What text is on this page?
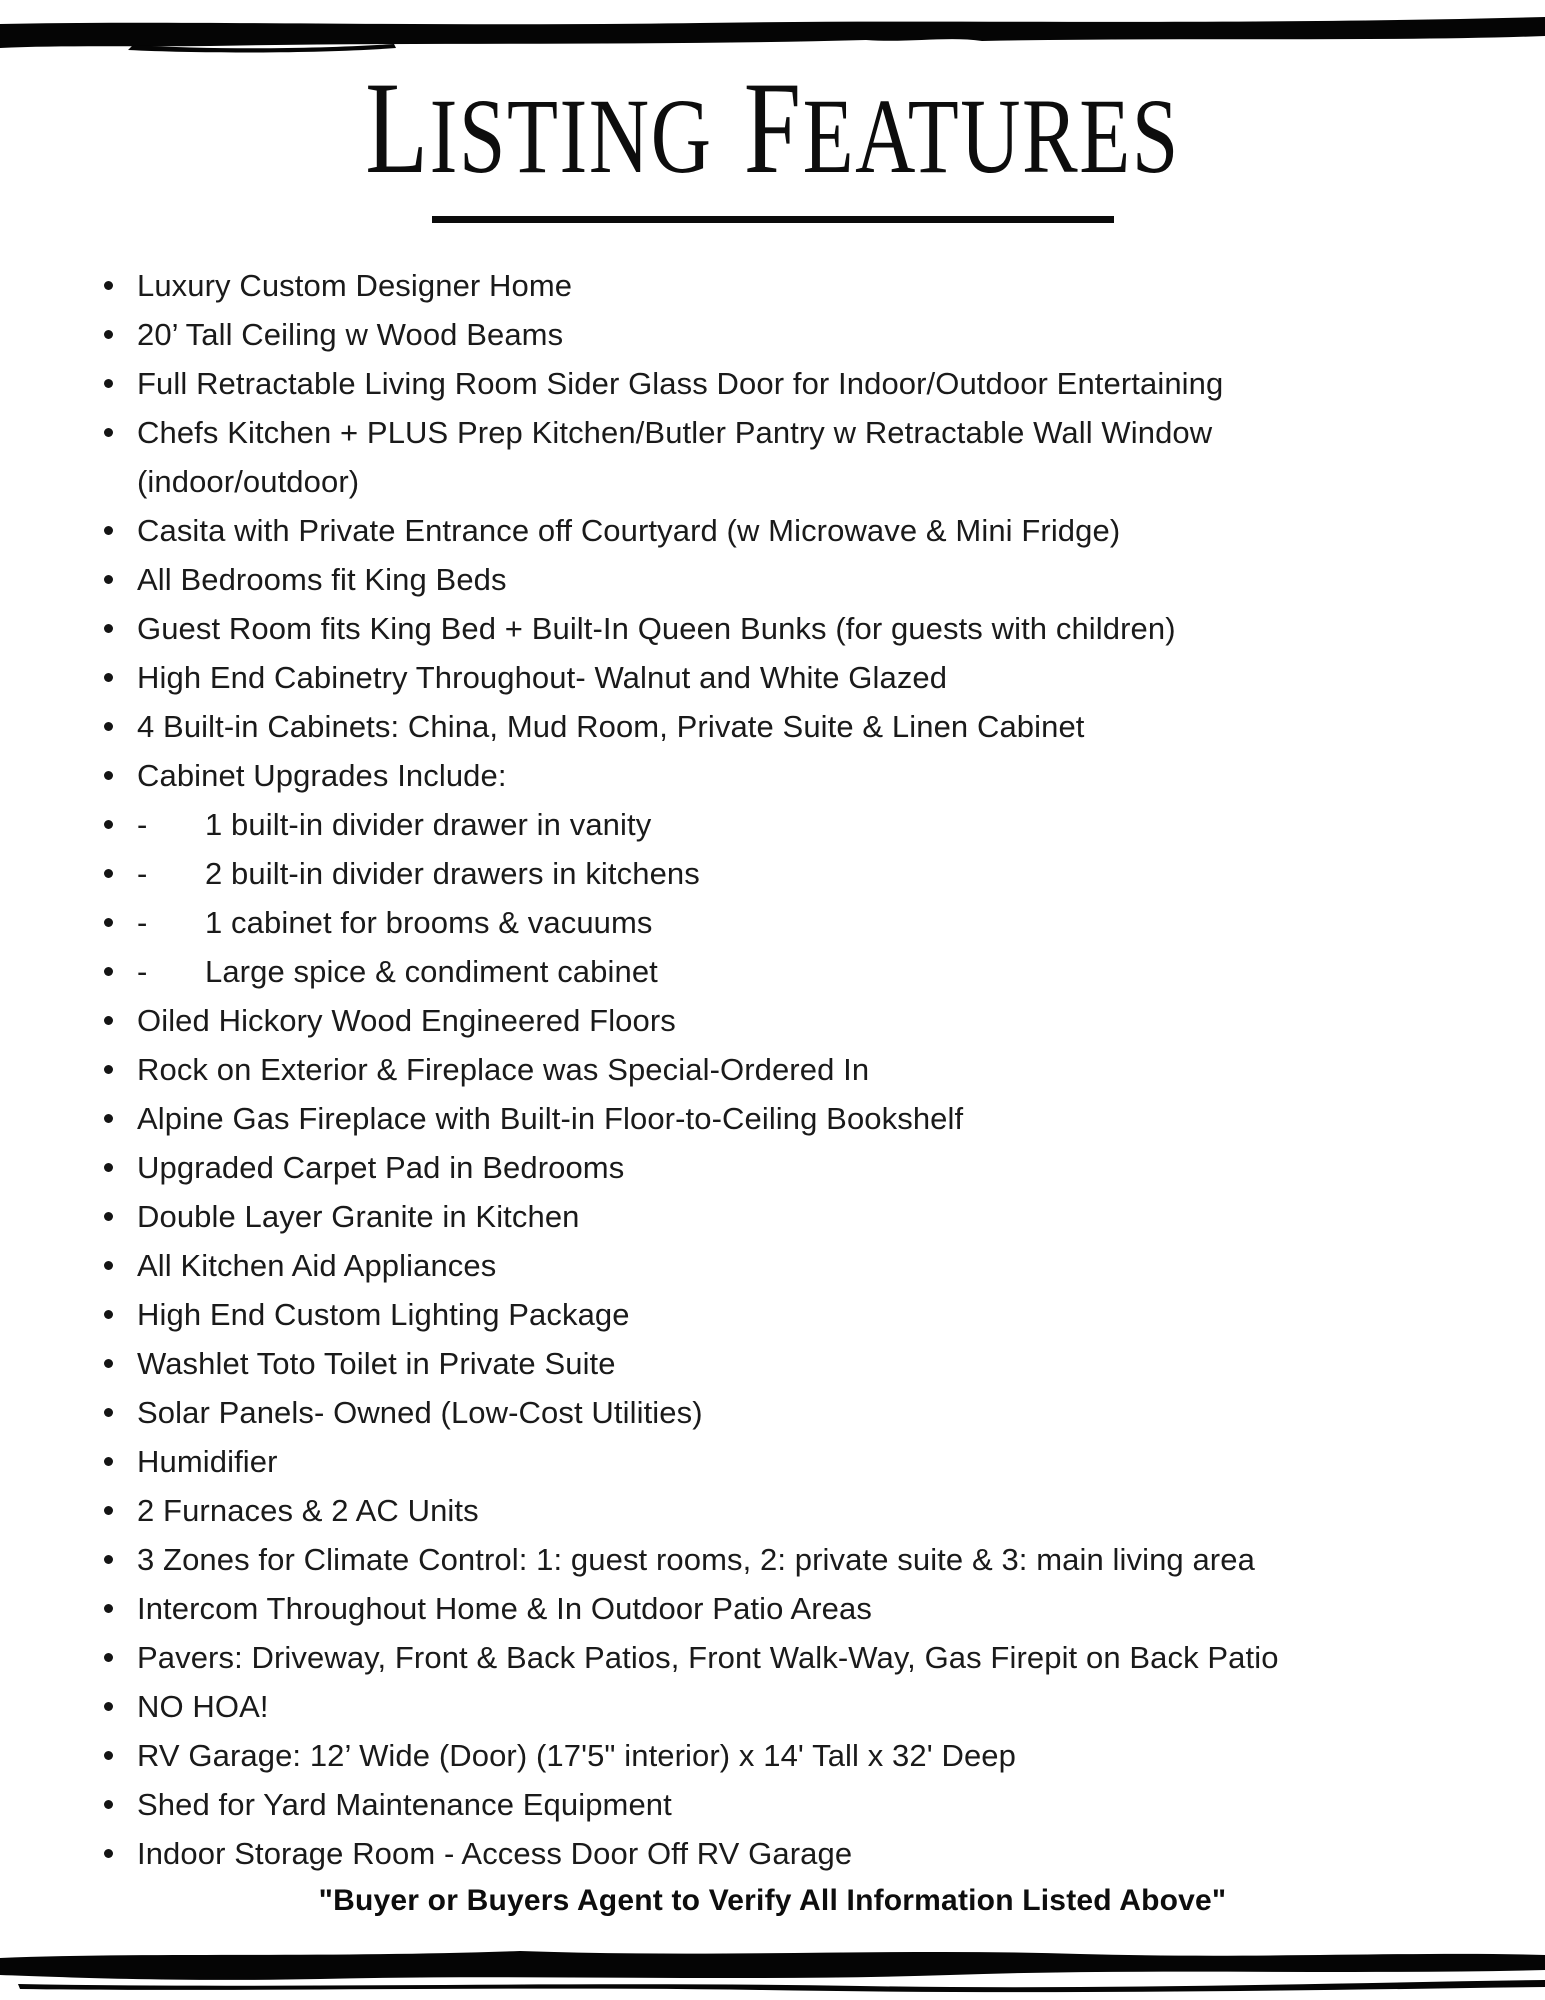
LISTING FEATURES
Luxury Custom Designer Home
20’ Tall Ceiling w Wood Beams
Full Retractable Living Room Sider Glass Door for Indoor/Outdoor Entertaining
Chefs Kitchen + PLUS Prep Kitchen/Butler Pantry w Retractable Wall Window (indoor/outdoor)
Casita with Private Entrance off Courtyard (w Microwave & Mini Fridge)
All Bedrooms fit King Beds
Guest Room fits King Bed + Built-In Queen Bunks (for guests with children)
High End Cabinetry Throughout- Walnut and White Glazed
4 Built-in Cabinets: China, Mud Room, Private Suite & Linen Cabinet
Cabinet Upgrades Include:
- 1 built-in divider drawer in vanity
- 2 built-in divider drawers in kitchens
- 1 cabinet for brooms & vacuums
- Large spice & condiment cabinet
Oiled Hickory Wood Engineered Floors
Rock on Exterior & Fireplace was Special-Ordered In
Alpine Gas Fireplace with Built-in Floor-to-Ceiling Bookshelf
Upgraded Carpet Pad in Bedrooms
Double Layer Granite in Kitchen
All Kitchen Aid Appliances
High End Custom Lighting Package
Washlet Toto Toilet in Private Suite
Solar Panels- Owned (Low-Cost Utilities)
Humidifier
2 Furnaces & 2 AC Units
3 Zones for Climate Control: 1: guest rooms, 2: private suite & 3: main living area
Intercom Throughout Home & In Outdoor Patio Areas
Pavers: Driveway, Front & Back Patios, Front Walk-Way, Gas Firepit on Back Patio
NO HOA!
RV Garage: 12’ Wide (Door) (17'5" interior) x 14' Tall x 32' Deep
Shed for Yard Maintenance Equipment
Indoor Storage Room - Access Door Off RV Garage
"Buyer or Buyers Agent to Verify All Information Listed Above"
